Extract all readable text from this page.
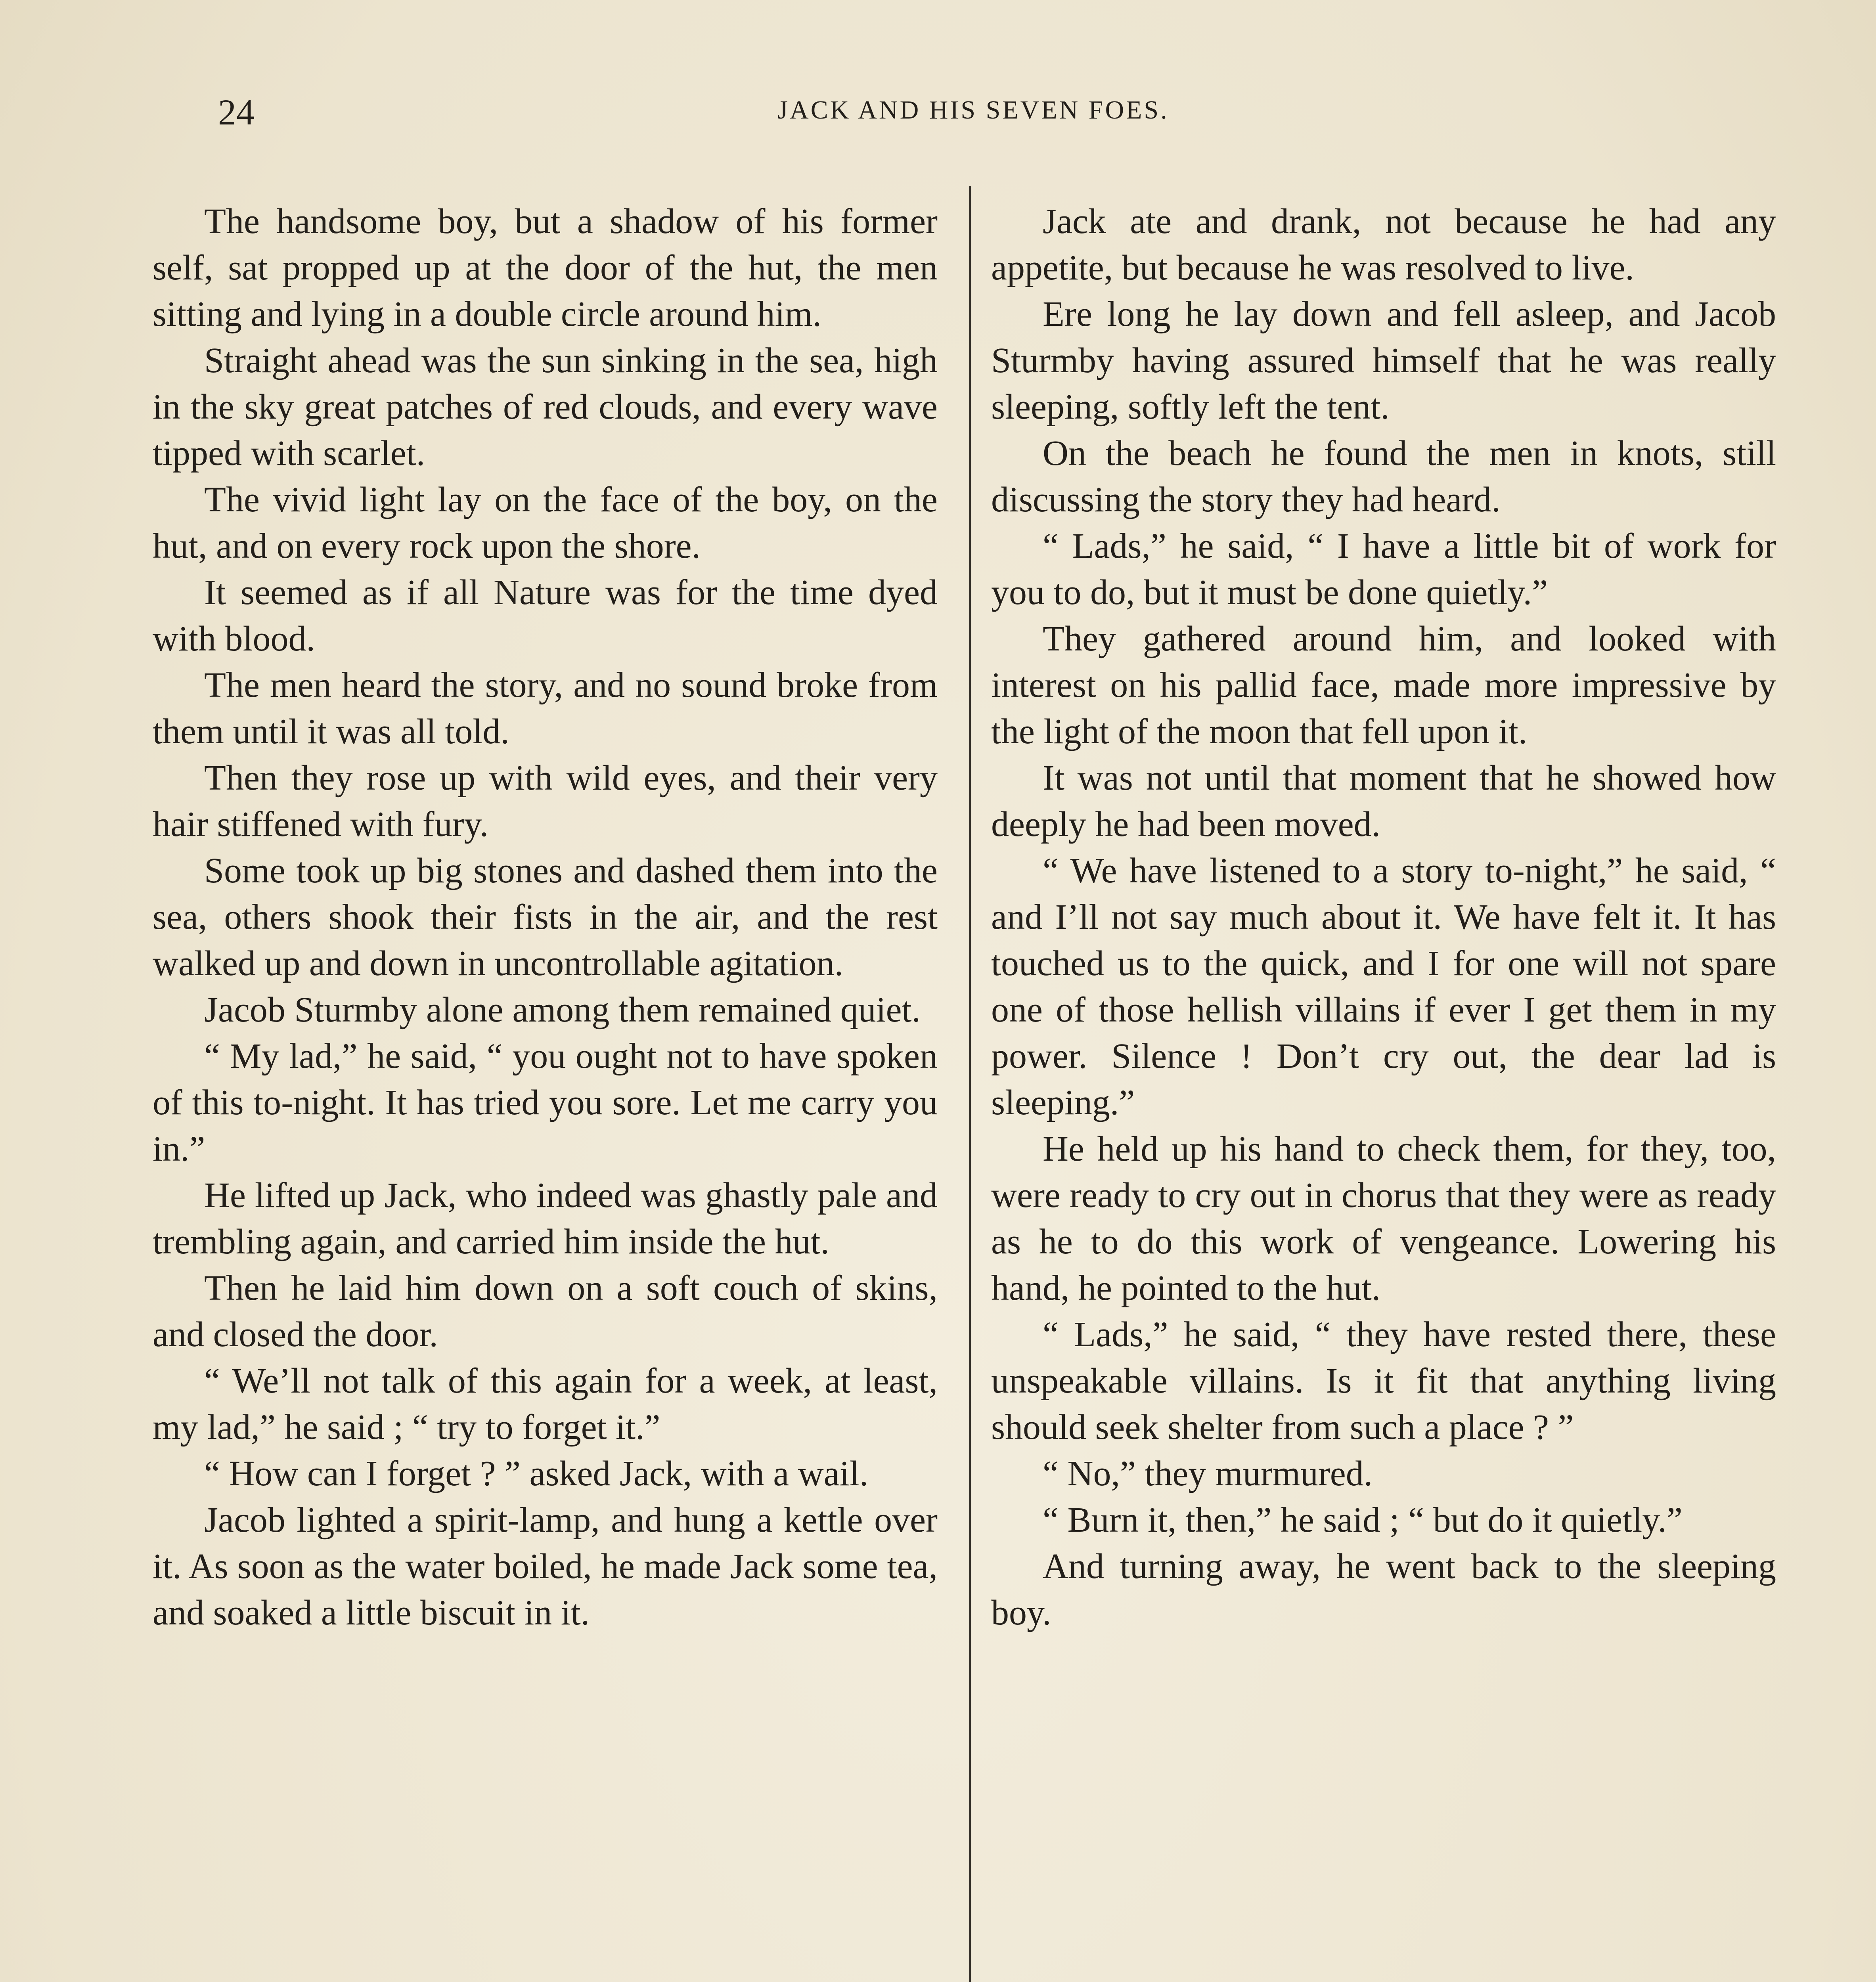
24	JACK AND HIS SEVEN FOES.

The handsome boy, but a shadow of his former self, sat propped up at the door of the hut, the men sitting and lying in a double circle around him.

Straight ahead was the sun sinking in the sea, high in the sky great patches of red clouds, and every wave tipped with scarlet.

The vivid light lay on the face of the boy, on the hut, and on every rock upon the shore.

It seemed as if all Nature was for the time dyed with blood.

The men heard the story, and no sound broke from them until it was all told.

Then they rose up with wild eyes, and their very hair stiffened with fury.

Some took up big stones and dashed them into the sea, others shook their fists in the air, and the rest walked up and down in uncontrollable agitation.

Jacob Sturmby alone among them remained quiet.

“ My lad,” he said, “ you ought not to have spoken of this to-night. It has tried you sore. Let me carry you in.”

He lifted up Jack, who indeed was ghastly pale and trembling again, and carried him inside the hut.

Then he laid him down on a soft couch of skins, and closed the door.

“ We’ll not talk of this again for a week, at least, my lad,” he said ; “ try to forget it.”

“ How can I forget ? ” asked Jack, with a wail.

Jacob lighted a spirit-lamp, and hung a kettle over it. As soon as the water boiled, he made Jack some tea, and soaked a little biscuit in it.

Jack ate and drank, not because he had any appetite, but because he was resolved to live.

Ere long he lay down and fell asleep, and Jacob Sturmby having assured himself that he was really sleeping, softly left the tent.

On the beach he found the men in knots, still discussing the story they had heard.

“ Lads,” he said, “ I have a little bit of work for you to do, but it must be done quietly.”

They gathered around him, and looked with interest on his pallid face, made more impressive by the light of the moon that fell upon it.

It was not until that moment that he showed how deeply he had been moved.

“ We have listened to a story to-night,” he said, “ and I’ll not say much about it. We have felt it. It has touched us to the quick, and I for one will not spare one of those hellish villains if ever I get them in my power. Silence ! Don’t cry out, the dear lad is sleeping.”

He held up his hand to check them, for they, too, were ready to cry out in chorus that they were as ready as he to do this work of vengeance. Lowering his hand, he pointed to the hut.

“ Lads,” he said, “ they have rested there, these unspeakable villains. Is it fit that anything living should seek shelter from such a place ? ”

“ No,” they murmured.

“ Burn it, then,” he said ; “ but do it quietly.”

And turning away, he went back to the sleeping boy.
